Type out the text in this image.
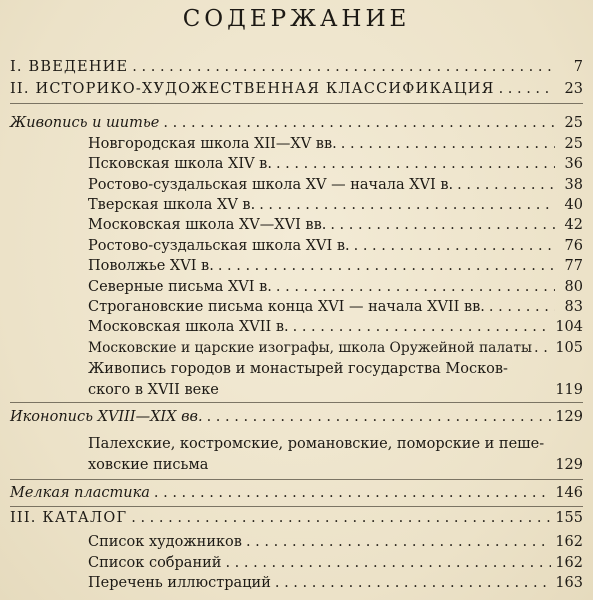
СОДЕРЖАНИЕ
I. ВВЕДЕНИЕ . . .	7
II. ИСТОРИКО-ХУДОЖЕСТВЕННАЯ КЛАССИФИКАЦИЯ . . .	23
Живопись и шитье . . .	25
Новгородская школа XII—XV вв. . . .	25
Псковская школа XIV в. . . .	36
Ростово-суздальская школа XV — начала XVI в. . . .	38
Тверская школа XV в. . . .	40
Московская школа XV—XVI вв. . . .	42
Ростово-суздальская школа XVI в. . . .	76
Поволжье XVI в. . . .	77
Северные письма XVI в. . . .	80
Строгановские письма конца XVI — начала XVII вв. . . .	83
Московская школа XVII в. . . .	104
Московские и царские изографы, школа Оружейной палаты . . . 105
Живопись городов и монастырей государства Москов-
ского в XVII веке	119
Иконопись XVIII—XIX вв. . . .	129
Палехские, костромские, романовские, поморские и пеше-
ховские письма	129
Мелкая пластика . . .	146
III. КАТАЛОГ . . .	155
Список художников . . .	162
Список собраний . . .	162
Перечень иллюстраций . . .	163
